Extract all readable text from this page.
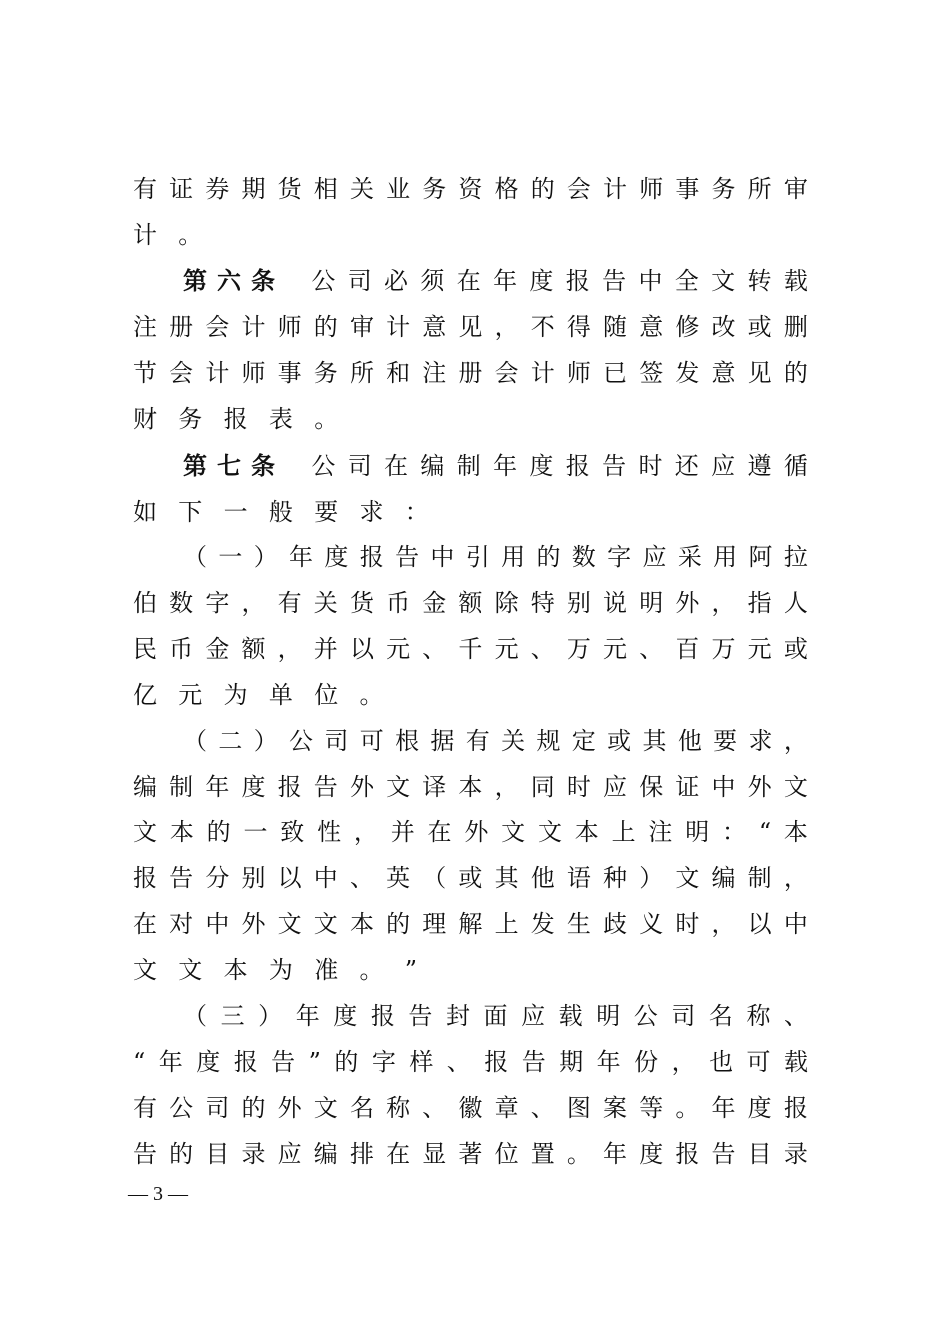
有 证 券 期 货 相 关 业 务 资 格 的 会 计 师 事 务 所 审
计 。
第六条 公 司 必 须 在 年 度 报 告 中 全 文 转 载
注 册 会 计 师 的 审 计 意 见 ， 不 得 随 意 修 改 或 删
节 会 计 师 事 务 所 和 注 册 会 计 师 已 签 发 意 见 的
财 务 报 表 。
第七条 公 司 在 编 制 年 度 报 告 时 还 应 遵 循
如 下 一 般 要 求 ：
（ 一 ） 年 度 报 告 中 引 用 的 数 字 应 采 用 阿 拉
伯 数 字 ， 有 关 货 币 金 额 除 特 别 说 明 外 ， 指 人
民 币 金 额 ， 并 以 元 、 千 元 、 万 元 、 百 万 元 或
亿 元 为 单 位 。
（ 二 ） 公 司 可 根 据 有 关 规 定 或 其 他 要 求 ，
编 制 年 度 报 告 外 文 译 本 ， 同 时 应 保 证 中 外 文
文 本 的 一 致 性 ， 并 在 外 文 文 本 上 注 明 ： “ 本
报 告 分 别 以 中 、 英 （ 或 其 他 语 种 ） 文 编 制 ，
在 对 中 外 文 文 本 的 理 解 上 发 生 歧 义 时 ， 以 中
文 文 本 为 准 。 ”
（ 三 ） 年 度 报 告 封 面 应 载 明 公 司 名 称 、
“ 年 度 报 告 ” 的 字 样 、 报 告 期 年 份 ， 也 可 载
有 公 司 的 外 文 名 称 、 徽 章 、 图 案 等 。 年 度 报
告 的 目 录 应 编 排 在 显 著 位 置 。 年 度 报 告 目 录
— 3 —
